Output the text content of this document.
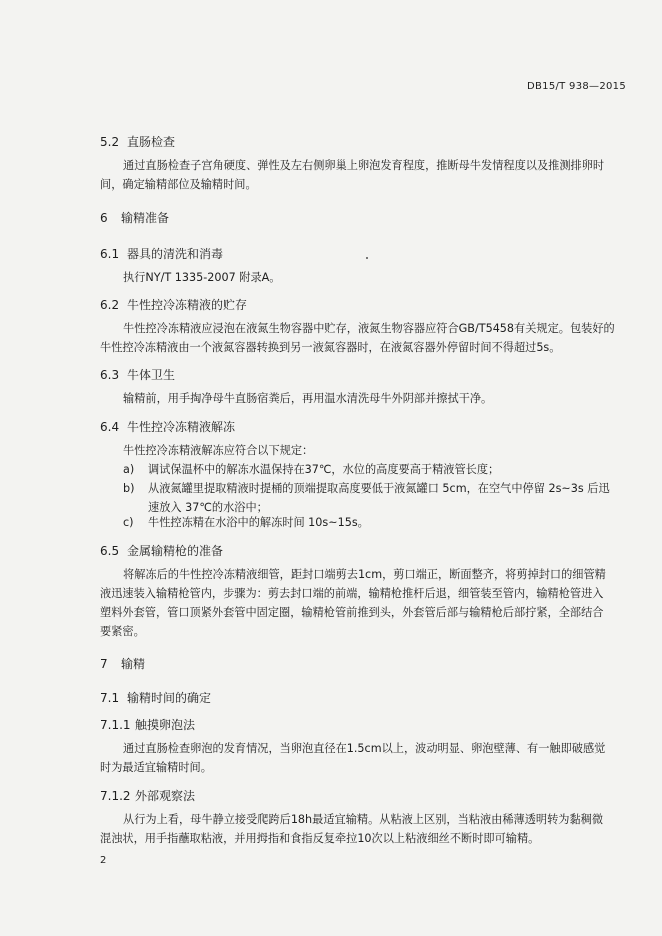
DB15/T 938—2015
5.2 直肠检查
通过直肠检查子宫角硬度、弹性及左右侧卵巢上卵泡发育程度，推断母牛发情程度以及推测排卵时
间，确定输精部位及输精时间。
6 输精准备
6.1 器具的清洗和消毒
执行NY/T 1335-2007 附录A。
6.2 牛性控冷冻精液的贮存
牛性控冷冻精液应浸泡在液氮生物容器中贮存，液氮生物容器应符合GB/T5458有关规定。包装好的
牛性控冷冻精液由一个液氮容器转换到另一液氮容器时，在液氮容器外停留时间不得超过5s。
6.3 牛体卫生
输精前，用手掏净母牛直肠宿粪后，再用温水清洗母牛外阴部并擦拭干净。
6.4 牛性控冷冻精液解冻
牛性控冷冻精液解冻应符合以下规定：
a) 调试保温杯中的解冻水温保持在37℃，水位的高度要高于精液管长度；
b) 从液氮罐里提取精液时提桶的顶端提取高度要低于液氮罐口 5cm，在空气中停留 2s~3s 后迅
速放入 37℃的水浴中；
c) 牛性控冻精在水浴中的解冻时间 10s~15s。
6.5 金属输精枪的准备
将解冻后的牛性控冷冻精液细管，距封口端剪去1cm，剪口端正，断面整齐，将剪掉封口的细管精
液迅速装入输精枪管内，步骤为：剪去封口端的前端，输精枪推杆后退，细管装至管内，输精枪管进入
塑料外套管，管口顶紧外套管中固定圈，输精枪管前推到头，外套管后部与输精枪后部拧紧，全部结合
要紧密。
7 输精
7.1 输精时间的确定
7.1.1 触摸卵泡法
通过直肠检查卵泡的发育情况，当卵泡直径在1.5cm以上，波动明显、卵泡壁薄、有一触即破感觉
时为最适宜输精时间。
7.1.2 外部观察法
从行为上看，母牛静立接受爬跨后18h最适宜输精。从粘液上区别，当粘液由稀薄透明转为黏稠微
混浊状，用手指蘸取粘液，并用拇指和食指反复牵拉10次以上粘液细丝不断时即可输精。
2
